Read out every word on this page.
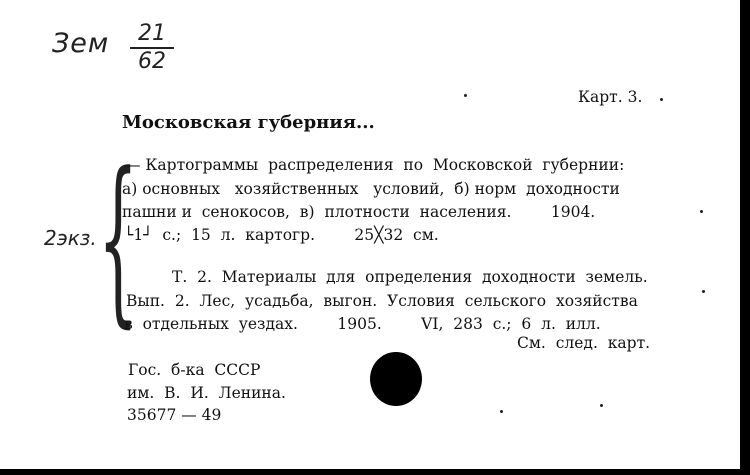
Зем	21
62
Карт. 3.
Московская губерния...
{
2экз.
— Картограммы  распределения  по  Московской  губернии:
а) основных   хозяйственных   условий,  б) норм  доходности
пашни и  сенокосов,  в)  плотности  населения.        1904.
└1┘  с.;  15  л.  картогр.        25╳32  см.
Т.  2.  Материалы  для  определения  доходности  земель.
Вып.  2.  Лес,  усадьба,  выгон.  Условия  сельского  хозяйства
в  отдельных  уездах.        1905.        VI,  283  с.;  6  л.  илл.
См.  след.  карт.
Гос.  б-ка  СССР
им.  В.  И.  Ленина.
35677 — 49
